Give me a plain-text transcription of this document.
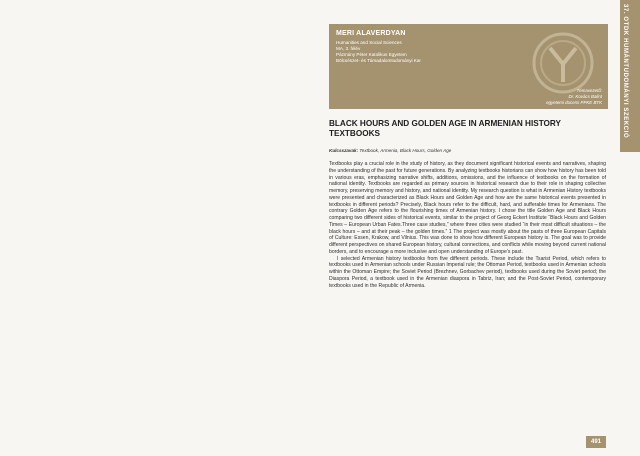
MERI ALAVERDYAN
Humanities and Social Sciences
MA, 3. félév
Pázmány Péter Katolikus Egyetem
Bölcsészet- és Társadalomtudományi Kar
Témavezető:
Dr. Kovács Balint
egyetemi docens PPKE BTK	37. OTDK HUMÁNTUDOMÁNYI SZEKCIÓ
BLACK HOURS AND GOLDEN AGE IN ARMENIAN HISTORY TEXTBOOKS
Kulcsszavak: Textbook, Armenia, Black Hours, Golden Age

Textbooks play a crucial role in the study of history, as they document significant historical events and narratives, shaping the understanding of the past for future generations. By analyzing textbooks historians can show how history has been told in various eras, emphasizing narrative shifts, additions, omissions, and the influence of textbooks on the formation of national identity. Textbooks are regarded as primary sources in historical research due to their role in shaping collective memory, preserving memory and history, and national identity. My research question is what in Armenian History textbooks were presented and characterized as Black Hours and Golden Age and how are the same historical events presented in textbooks in different periods? Precisely, Black hours refer to the difficult, hard, and sufferable times for Armenians. The contrary Golden Age refers to the flourishing times of Armenian history. I chose the title Golden Age and Black Hours comparing two different sides of historical events, similar to the project of Georg Eckert Institute “Black Hours and Golden Times – European Urban Fates.Three case studies,” where three cities were studied “in their most difficult situations – the black hours – and at their peak – the golden times.” 1 The project was mostly about the pasts of three European Capitals of Culture: Essen, Krakow, and Vilnius. This was done to show how different European history is. The goal was to provide different perspectives on shared European history, cultural connections, and conflicts while moving beyond current national borders, and to encourage a more inclusive and open understanding of Europe’s past.

I selected Armenian history textbooks from five different periods. These include the Tsarist Period, which refers to textbooks used in Armenian schools under Russian Imperial rule; the Ottoman Period, textbooks used in Armenian schools within the Ottoman Empire; the Soviet Period (Brezhnev, Gorbachev period), textbooks used during the Soviet period; the Diaspora Period, a textbook used in the Armenian diaspora in Tabriz, Iran; and the Post-Soviet Period, contemporary textbooks used in the Republic of Armenia.

491
